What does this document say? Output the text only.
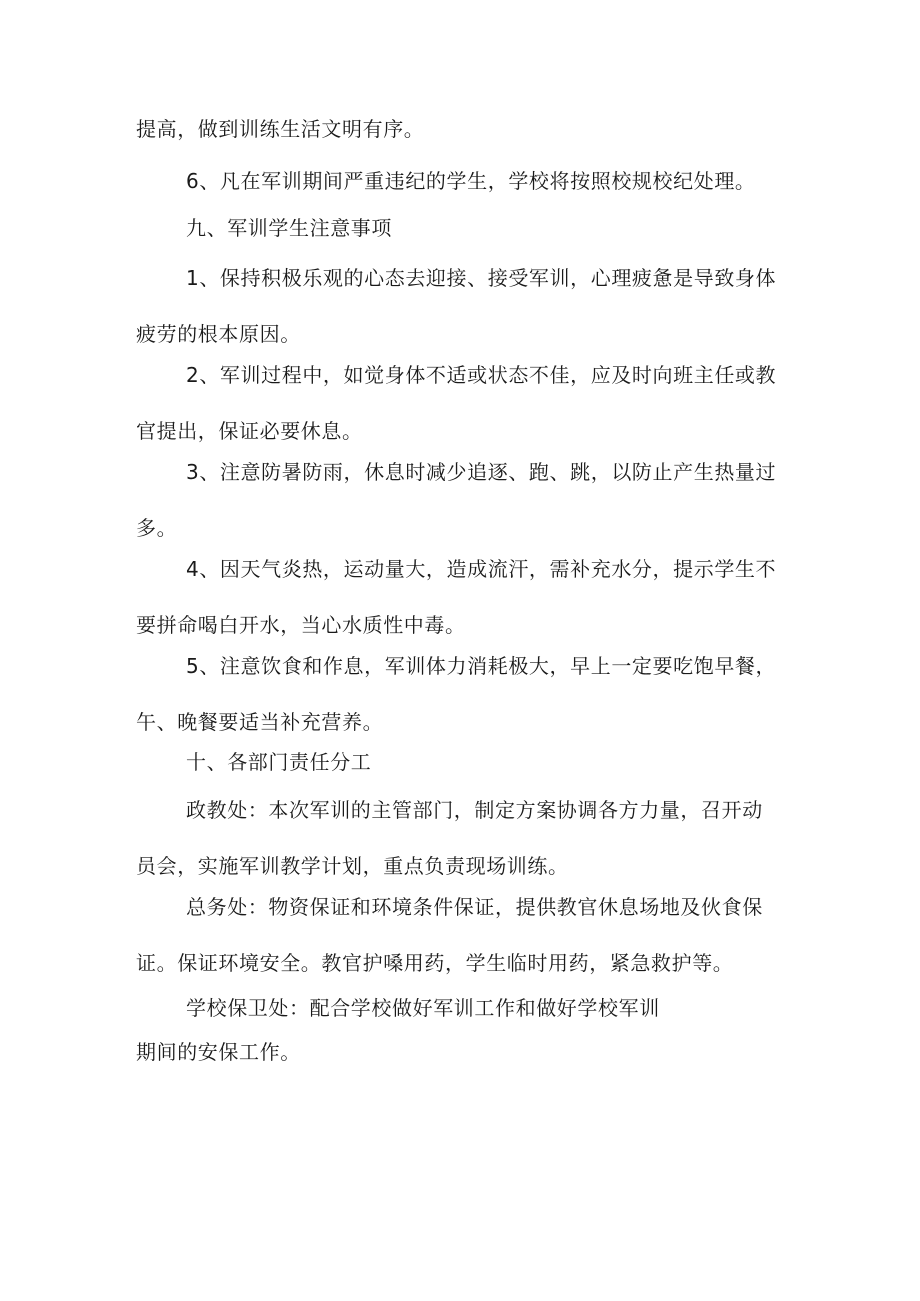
提高，做到训练生活文明有序。

6、凡在军训期间严重违纪的学生，学校将按照校规校纪处理。

九、军训学生注意事项

1、保持积极乐观的心态去迎接、接受军训，心理疲惫是导致身体
疲劳的根本原因。

2、军训过程中，如觉身体不适或状态不佳，应及时向班主任或教
官提出，保证必要休息。

3、注意防暑防雨，休息时减少追逐、跑、跳，以防止产生热量过
多。

4、因天气炎热，运动量大，造成流汗，需补充水分，提示学生不
要拼命喝白开水，当心水质性中毒。

5、注意饮食和作息，军训体力消耗极大，早上一定要吃饱早餐，
午、晚餐要适当补充营养。

十、各部门责任分工

政教处：本次军训的主管部门，制定方案协调各方力量，召开动
员会，实施军训教学计划，重点负责现场训练。

总务处：物资保证和环境条件保证，提供教官休息场地及伙食保
证。保证环境安全。教官护嗓用药，学生临时用药，紧急救护等。

学校保卫处：配合学校做好军训工作和做好学校军训
期间的安保工作。
